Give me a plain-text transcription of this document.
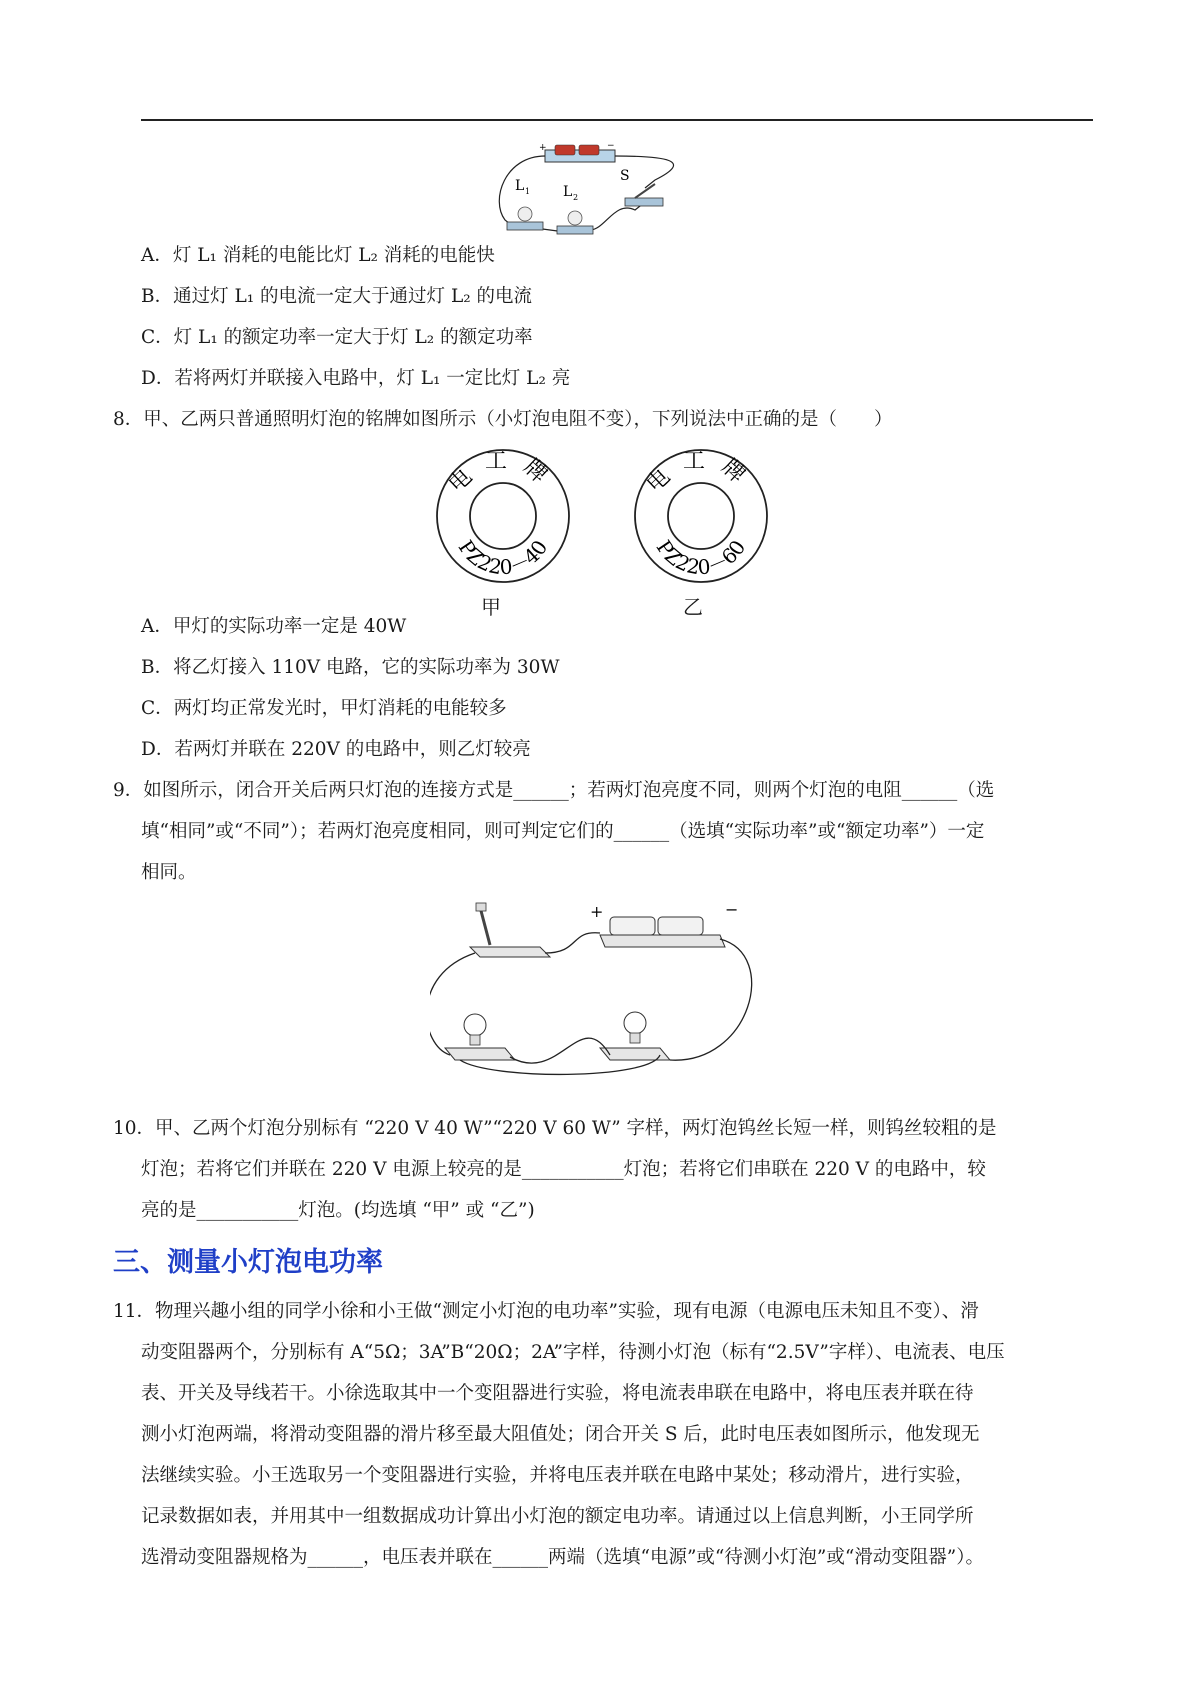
+	−
L 1 L 2
S
A．灯 L₁ 消耗的电能比灯 L₂ 消耗的电能快
B．通过灯 L₁ 的电流一定大于通过灯 L₂ 的电流
C．灯 L₁ 的额定功率一定大于灯 L₂ 的额定功率
D．若将两灯并联接入电路中，灯 L₁ 一定比灯 L₂ 亮
8．甲、乙两只普通照明灯泡的铭牌如图所示（小灯泡电阻不变），下列说法中正确的是（　　）
电工牌
PZ220－40
甲
电工牌
PZ220－60
乙
A．甲灯的实际功率一定是 40W
B．将乙灯接入 110V 电路，它的实际功率为 30W
C．两灯均正常发光时，甲灯消耗的电能较多
D．若两灯并联在 220V 的电路中，则乙灯较亮
9．如图所示，闭合开关后两只灯泡的连接方式是______；若两灯泡亮度不同，则两个灯泡的电阻______（选
填“相同”或“不同”）；若两灯泡亮度相同，则可判定它们的______（选填“实际功率”或“额定功率”）一定
相同。
+	−
10．甲、乙两个灯泡分别标有 “220 V 40 W”“220 V 60 W” 字样，两灯泡钨丝长短一样，则钨丝较粗的是
灯泡；若将它们并联在 220 V 电源上较亮的是___________灯泡；若将它们串联在 220 V 的电路中，较
亮的是___________灯泡。(均选填 “甲” 或 “乙”)
三、测量小灯泡电功率
11．物理兴趣小组的同学小徐和小王做“测定小灯泡的电功率”实验，现有电源（电源电压未知且不变）、滑
动变阻器两个，分别标有 A“5Ω；3A”B“20Ω；2A”字样，待测小灯泡（标有“2.5V”字样）、电流表、电压
表、开关及导线若干。小徐选取其中一个变阻器进行实验，将电流表串联在电路中，将电压表并联在待
测小灯泡两端，将滑动变阻器的滑片移至最大阻值处；闭合开关 S 后，此时电压表如图所示，他发现无
法继续实验。小王选取另一个变阻器进行实验，并将电压表并联在电路中某处；移动滑片，进行实验，
记录数据如表，并用其中一组数据成功计算出小灯泡的额定电功率。请通过以上信息判断，小王同学所
选滑动变阻器规格为______，电压表并联在______两端（选填“电源”或“待测小灯泡”或“滑动变阻器”）。
